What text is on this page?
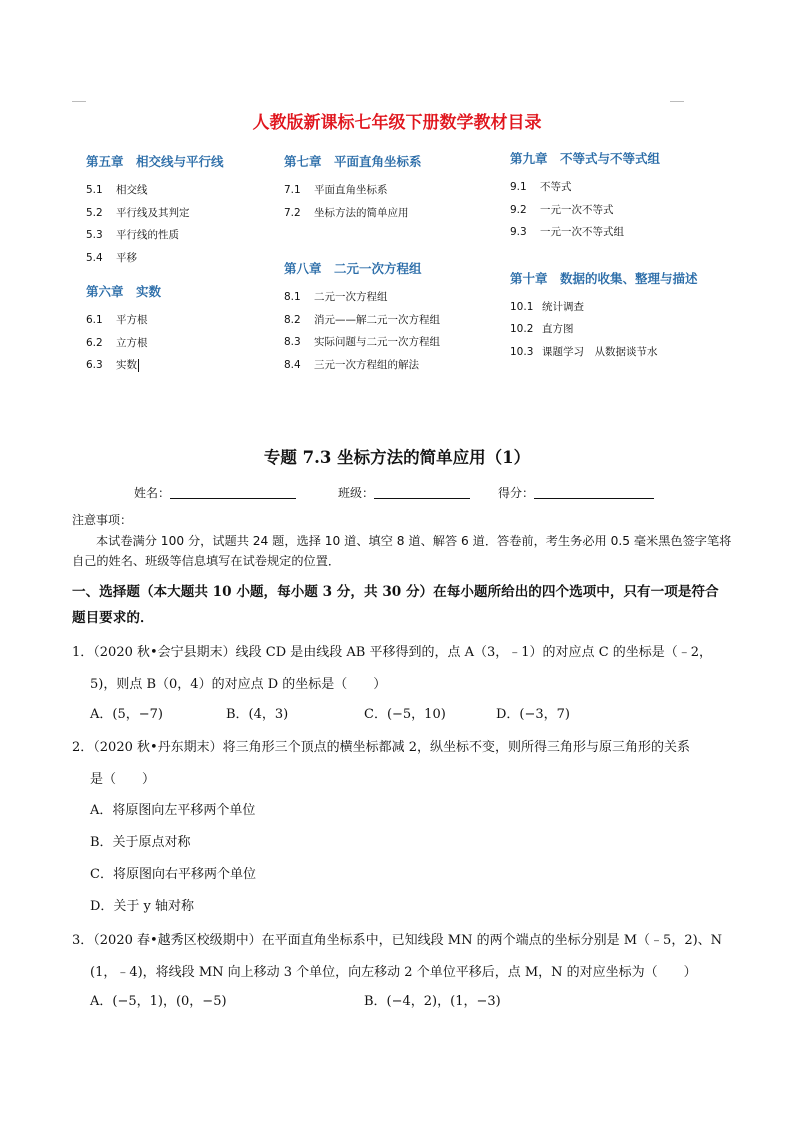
人教版新课标七年级下册数学教材目录
第五章　相交线与平行线
5.1 相交线
5.2 平行线及其判定
5.3 平行线的性质
5.4 平移
第六章　实数
6.1 平方根
6.2 立方根
6.3 实数
第七章　平面直角坐标系
7.1 平面直角坐标系
7.2 坐标方法的简单应用
第八章　二元一次方程组
8.1 二元一次方程组
8.2 消元——解二元一次方程组
8.3 实际问题与二元一次方程组
8.4 三元一次方程组的解法
第九章　不等式与不等式组
9.1 不等式
9.2 一元一次不等式
9.3 一元一次不等式组
第十章　数据的收集、整理与描述
10.1 统计调查
10.2 直方图
10.3 课题学习　从数据谈节水
专题 7.3 坐标方法的简单应用（1）
姓名：	班级：	得分：
注意事项：
本试卷满分 100 分，试题共 24 题，选择 10 道、填空 8 道、解答 6 道．答卷前，考生务必用 0.5 毫米黑色签字笔将自己的姓名、班级等信息填写在试卷规定的位置．
一、选择题（本大题共 10 小题，每小题 3 分，共 30 分）在每小题所给出的四个选项中，只有一项是符合题目要求的．
1．（2020 秋•会宁县期末）线段 CD 是由线段 AB 平移得到的，点 A（3，﹣1）的对应点 C 的坐标是（﹣2，
5)，则点 B（0，4）的对应点 D 的坐标是（　　）
A．(5，−7)	B．(4，3)	C．(−5，10)	D．(−3，7)
2．（2020 秋•丹东期末）将三角形三个顶点的横坐标都减 2，纵坐标不变，则所得三角形与原三角形的关系
是（　　）
A．将原图向左平移两个单位
B．关于原点对称
C．将原图向右平移两个单位
D．关于 y 轴对称
3．（2020 春•越秀区校级期中）在平面直角坐标系中，已知线段 MN 的两个端点的坐标分别是 M（﹣5，2)、N
(1，﹣4)，将线段 MN 向上移动 3 个单位，向左移动 2 个单位平移后，点 M，N 的对应坐标为（　　）
A．(−5，1)，(0，−5)	B．(−4，2)，(1，−3)
